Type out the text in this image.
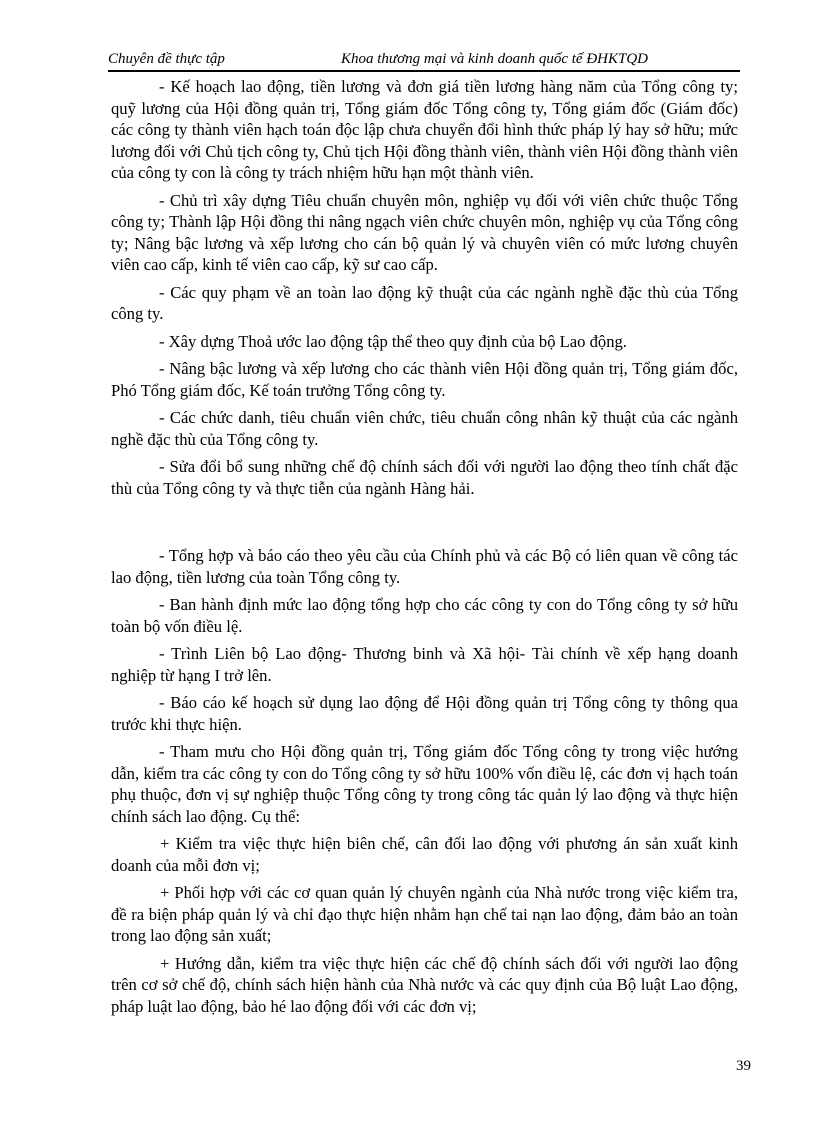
Chuyên đề thực tập	Khoa thương mại và kinh doanh quốc tế ĐHKTQD

- Kế hoạch lao động, tiền lương và đơn giá tiền lương hàng năm của Tổng công ty; quỹ lương của Hội đồng quản trị, Tổng giám đốc Tổng công ty, Tổng giám đốc (Giám đốc) các công ty thành viên hạch toán độc lập chưa chuyển đổi hình thức pháp lý hay sở hữu; mức lương đối với Chủ tịch công ty, Chủ tịch Hội đồng thành viên, thành viên Hội đồng thành viên của công ty con là công ty trách nhiệm hữu hạn một thành viên.

- Chủ trì xây dựng Tiêu chuẩn chuyên môn, nghiệp vụ đối với viên chức thuộc Tổng công ty; Thành lập Hội đồng thi nâng ngạch viên chức chuyên môn, nghiệp vụ của Tổng công ty; Nâng bậc lương và xếp lương cho cán bộ quản lý và chuyên viên có mức lương chuyên viên cao cấp, kinh tế viên cao cấp, kỹ sư cao cấp.

- Các quy phạm về an toàn lao động kỹ thuật của các ngành nghề đặc thù của Tổng công ty.

- Xây dựng Thoả ước lao động tập thể theo quy định của bộ Lao động.

- Nâng bậc lương và xếp lương cho các thành viên Hội đồng quản trị, Tổng giám đốc, Phó Tổng giám đốc, Kế toán trưởng Tổng công ty.

- Các chức danh, tiêu chuẩn viên chức, tiêu chuẩn công nhân kỹ thuật của các ngành nghề đặc thù của Tổng công ty.

- Sửa đổi bổ sung những chế độ chính sách đối với người lao động theo tính chất đặc thù của Tổng công ty và thực tiễn của ngành Hàng hải.

- Tổng hợp và báo cáo theo yêu cầu của Chính phủ và các Bộ có liên quan về công tác lao động, tiền lương của toàn Tổng công ty.

- Ban hành định mức lao động tổng hợp cho các công ty con do Tổng công ty sở hữu toàn bộ vốn điều lệ.

- Trình Liên bộ Lao động- Thương binh và Xã hội- Tài chính về xếp hạng doanh nghiệp từ hạng I trở lên.

- Báo cáo kế hoạch sử dụng lao động để Hội đồng quản trị Tổng công ty thông qua trước khi thực hiện.

- Tham mưu cho Hội đồng quản trị, Tổng giám đốc Tổng công ty trong việc hướng dẫn, kiểm tra các công ty con do Tổng công ty sở hữu 100% vốn điều lệ, các đơn vị hạch toán phụ thuộc, đơn vị sự nghiệp thuộc Tổng công ty trong công tác quản lý lao động và thực hiện chính sách lao động. Cụ thể:

+ Kiểm tra việc thực hiện biên chế, cân đối lao động với phương án sản xuất kinh doanh của mỗi đơn vị;

+ Phối hợp với các cơ quan quản lý chuyên ngành của Nhà nước trong việc kiểm tra, đề ra biện pháp quản lý và chỉ đạo thực hiện nhằm hạn chế tai nạn lao động, đảm bảo an toàn trong lao động sản xuất;

+ Hướng dẫn, kiểm tra việc thực hiện các chế độ chính sách đối với người lao động trên cơ sở chế độ, chính sách hiện hành của Nhà nước và các quy định của Bộ luật Lao động, pháp luật lao động, bảo hé lao động đối với các đơn vị;

39
